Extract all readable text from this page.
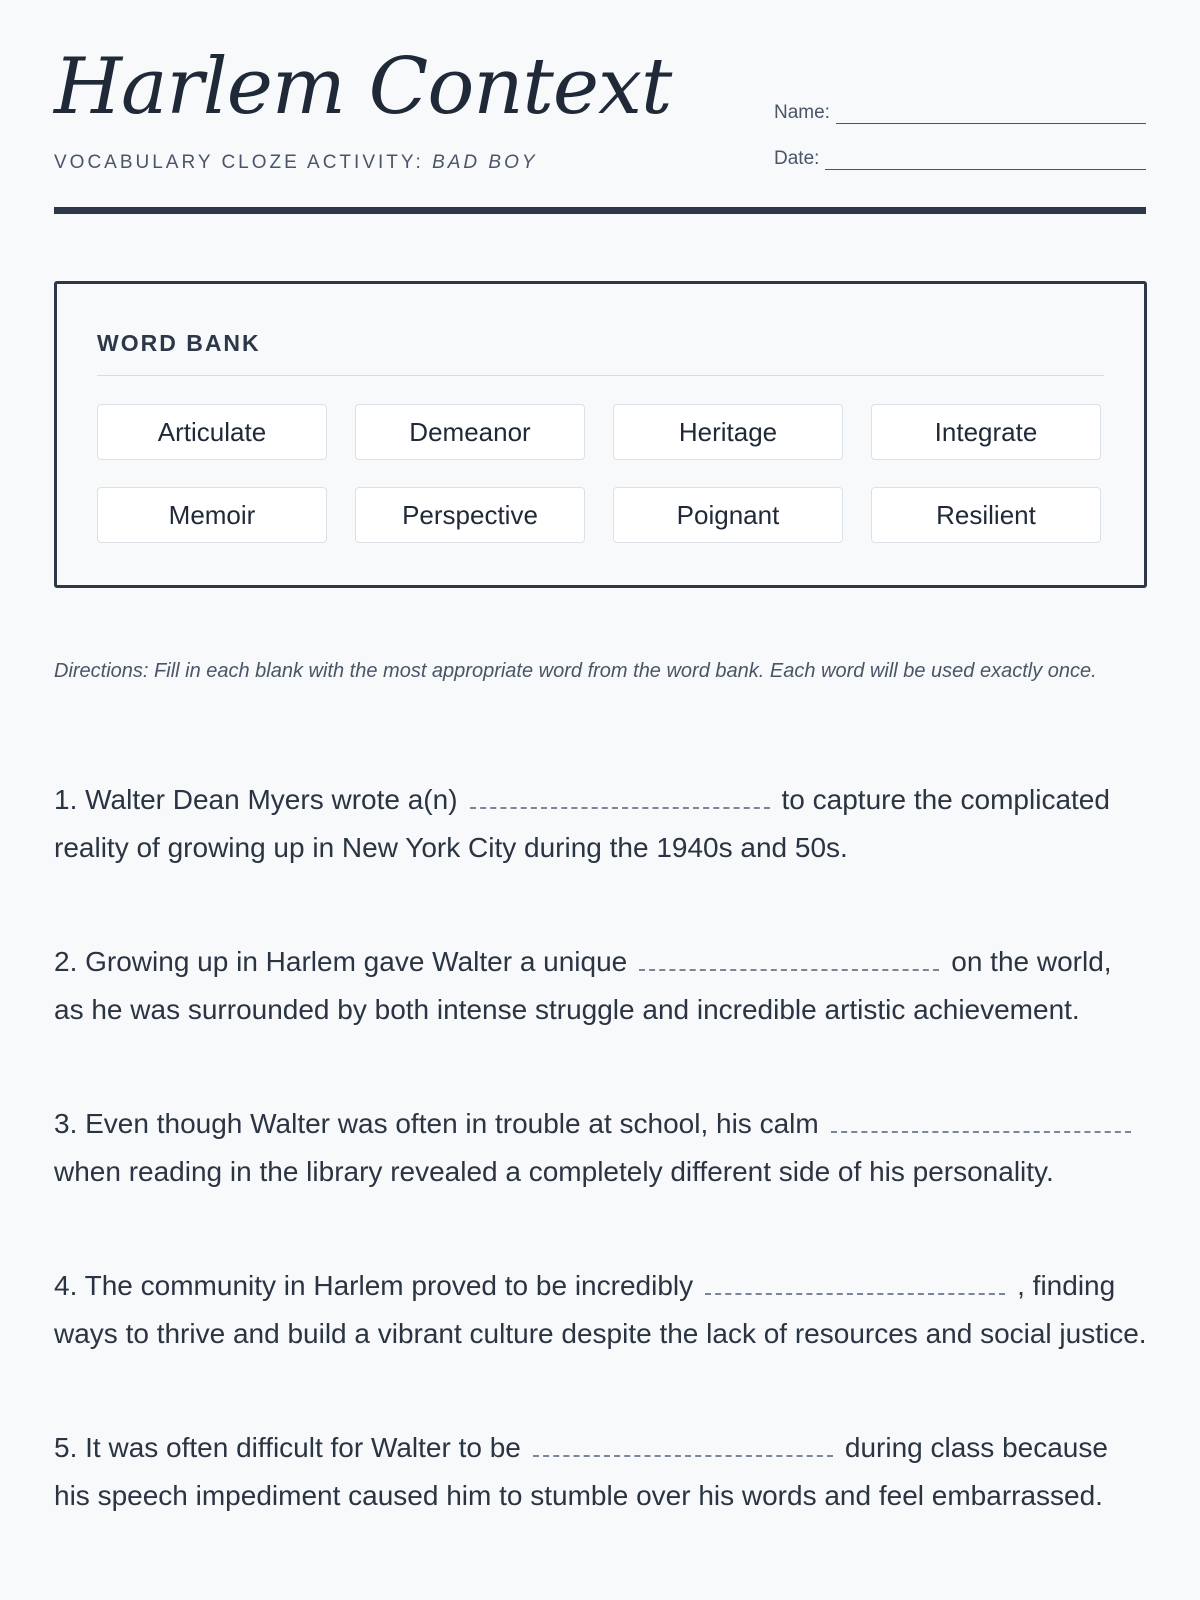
Harlem Context
VOCABULARY CLOZE ACTIVITY: BAD BOY
Name:
Date:
WORD BANK
Articulate	Demeanor	Heritage	Integrate
Memoir	Perspective	Poignant	Resilient
Directions: Fill in each blank with the most appropriate word from the word bank. Each word will be used exactly once.

1. Walter Dean Myers wrote a(n)	to capture the complicated reality of growing up in New York City during the 1940s and 50s.

2. Growing up in Harlem gave Walter a unique	on the world, as he was surrounded by both intense struggle and incredible artistic achievement.

3. Even though Walter was often in trouble at school, his calmwhen reading in the library revealed a completely different side of his personality.

4. The community in Harlem proved to be incredibly	, finding ways to thrive and build a vibrant culture despite the lack of resources and social justice.

5. It was often difficult for Walter to be	during class because his speech impediment caused him to stumble over his words and feel embarrassed.
